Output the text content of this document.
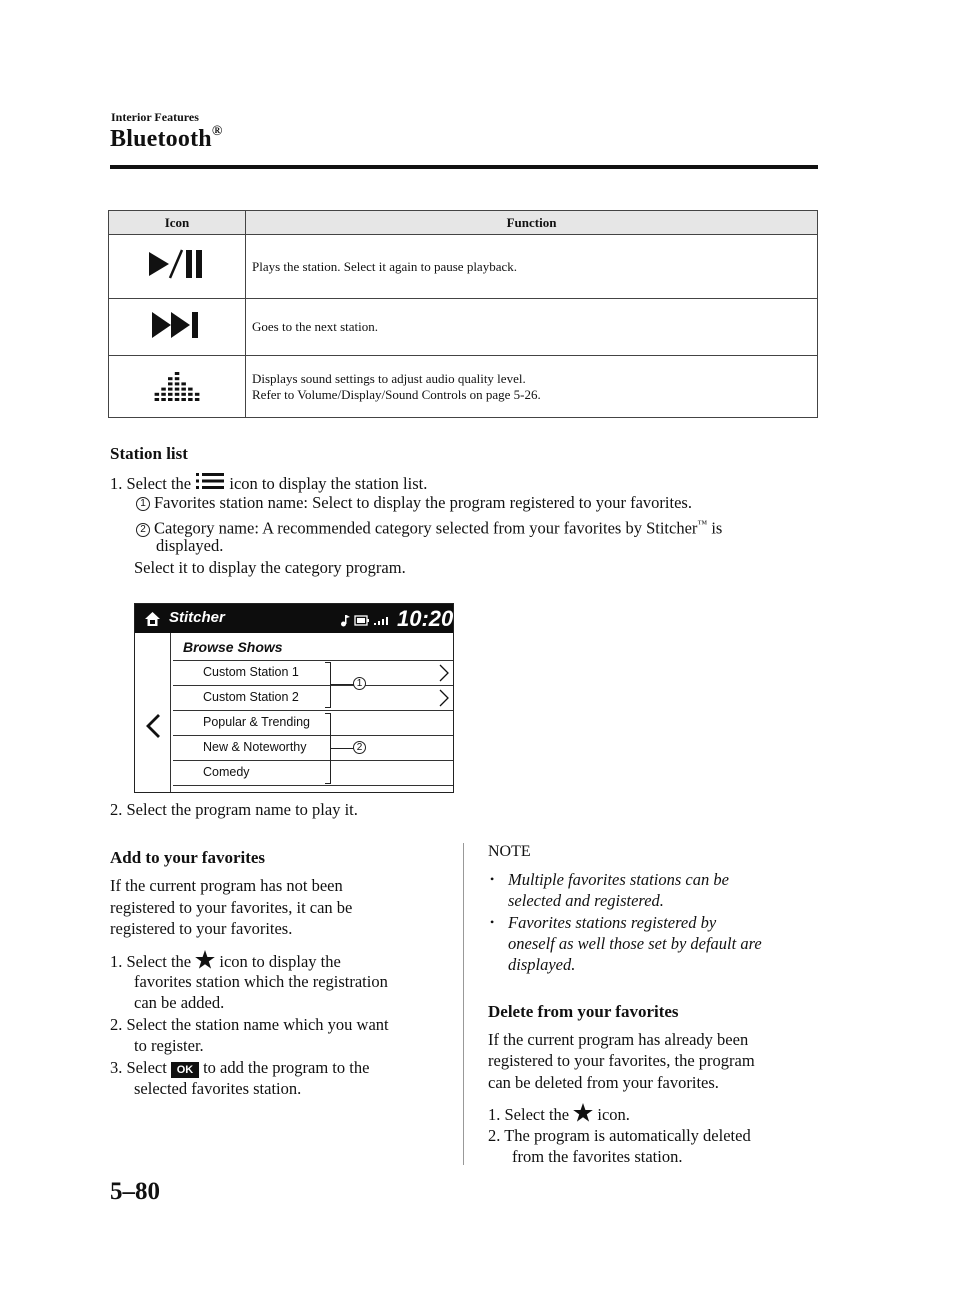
Interior Features
Bluetooth®
Icon	Function

Plays the station. Select it again to pause playback.

Goes to the next station.

Displays sound settings to adjust audio quality level.
Refer to Volume/Display/Sound Controls on page 5-26.
Station list
1. Select the icon to display the station list.
1 Favorites station name: Select to display the program registered to your favorites.
2 Category name: A recommended category selected from your favorites by Stitcher™ is
displayed.
Select it to display the category program.
Stitcher	10:20
Browse Shows
Custom Station 1
Custom Station 2
Popular & Trending
New & Noteworthy
Comedy
1
2
2. Select the program name to play it.
Add to your favorites
If the current program has not been
registered to your favorites, it can be
registered to your favorites.
1. Select the icon to display the
favorites station which the registration
can be added.
2. Select the station name which you want
to register.
3. Select OK to add the program to the
selected favorites station.
NOTE
• Multiple favorites stations can be
selected and registered.
• Favorites stations registered by
oneself as well those set by default are
displayed.
Delete from your favorites
If the current program has already been
registered to your favorites, the program
can be deleted from your favorites.
1. Select the icon.
2. The program is automatically deleted
from the favorites station.
5–80
